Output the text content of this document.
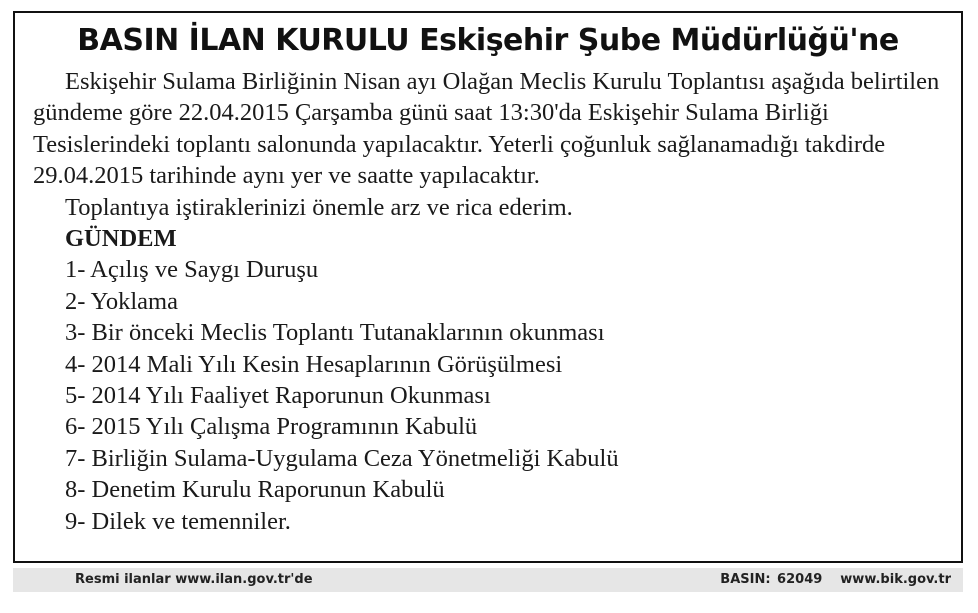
BASIN İLAN KURULU Eskişehir Şube Müdürlüğü'ne

Eskişehir Sulama Birliğinin Nisan ayı Olağan Meclis Kurulu Toplantısı aşağıda belirtilen gündeme göre 22.04.2015 Çarşamba günü saat 13:30'da Eskişehir Sulama Birliği Tesislerindeki toplantı salonunda yapılacaktır. Yeterli çoğunluk sağlanamadığı takdirde 29.04.2015 tarihinde aynı yer ve saatte yapılacaktır.

Toplantıya iştiraklerinizi önemle arz ve rica ederim.

GÜNDEM
1- Açılış ve Saygı Duruşu
2- Yoklama
3- Bir önceki Meclis Toplantı Tutanaklarının okunması
4- 2014 Mali Yılı Kesin Hesaplarının Görüşülmesi
5- 2014 Yılı Faaliyet Raporunun Okunması
6- 2015 Yılı Çalışma Programının Kabulü
7- Birliğin Sulama-Uygulama Ceza Yönetmeliği Kabulü
8- Denetim Kurulu Raporunun Kabulü
9- Dilek ve temenniler.
Resmi ilanlar www.ilan.gov.tr'de	BASIN: 62049 www.bik.gov.tr
